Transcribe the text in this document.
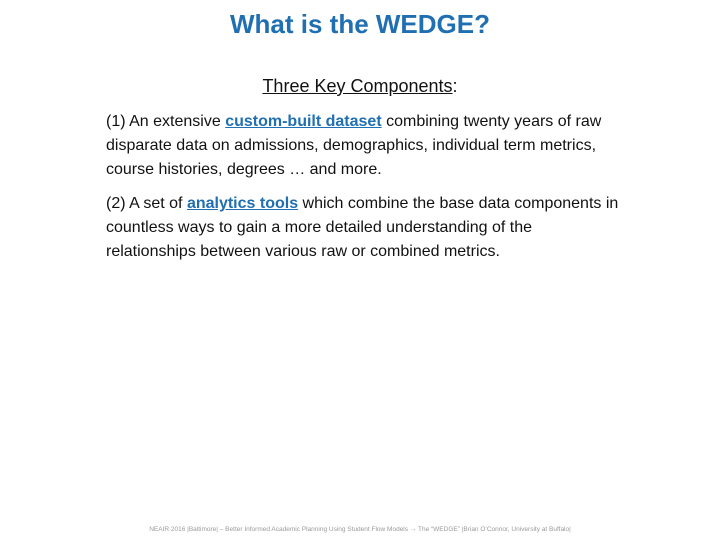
What is the WEDGE?
Three Key Components:
(1) An extensive custom-built dataset combining twenty years of raw disparate data on admissions, demographics, individual term metrics, course histories, degrees … and more.
(2) A set of analytics tools which combine the base data components in countless ways to gain a more detailed understanding of the relationships between various raw or combined metrics.
NEAIR 2016 |Baltimore| – Better Informed Academic Planning Using Student Flow Models → The “WEDGE” |Brian O’Connor, University at Buffalo|
